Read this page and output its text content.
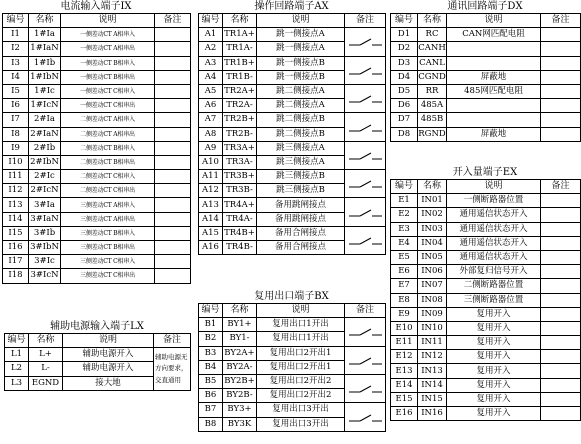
电流输入端子IX
编号	名称	说明	备注
I1	1#Ia	一侧差动CT A相串入	
I2	1#IaN	一侧差动CT A相串出	
I3	1#Ib	一侧差动CT B相串入	
I4	1#IbN	一侧差动CT B相串出	
I5	1#Ic	一侧差动CT C相串入	
I6	1#IcN	一侧差动CT C相串出	
I7	2#Ia	二侧差动CT A相串入	
I8	2#IaN	二侧差动CT A相串出	
I9	2#Ib	二侧差动CT B相串入	
I10	2#IbN	二侧差动CT B相串出	
I11	2#Ic	二侧差动CT C相串入	
I12	2#IcN	二侧差动CT C相串出	
I13	3#Ia	三侧差动CT A相串入	
I14	3#IaN	三侧差动CT A相串出	
I15	3#Ib	三侧差动CT B相串入	
I16	3#IbN	三侧差动CT B相串出	
I17	3#Ic	三侧差动CT C相串入	
I18	3#IcN	三侧差动CT C相串出	
辅助电源输入端子LX
编号	名称	说明	备注
L1	L+	辅助电源开入	辅助电源无方向要求，交直通用
L2	L-	辅助电源开入	
L3	EGND	接大地	
操作回路端子AX
编号	名称	说明	备注
A1	TR1A+	跳一侧接点A	

A2	TR1A-	跳一侧接点A	
A3	TR1B+	跳一侧接点B	

A4	TR1B-	跳一侧接点B	
A5	TR2A+	跳二侧接点A	

A6	TR2A-	跳二侧接点A	
A7	TR2B+	跳二侧接点B	

A8	TR2B-	跳二侧接点B	
A9	TR3A+	跳三侧接点A	

A10	TR3A-	跳三侧接点A	
A11	TR3B+	跳三侧接点B	

A12	TR3B-	跳三侧接点B	
A13	TR4A+	备用跳闸接点	

A14	TR4A-	备用跳闸接点	
A15	TR4B+	备用合闸接点	

A16	TR4B-	备用合闸接点	
复用出口端子BX
编号	名称	说明	备注
B1	BY1+	复用出口1开出	

B2	BY1-	复用出口1开出	
B3	BY2A+	复用出口2开出1	

B4	BY2A-	复用出口2开出1	
B5	BY2B+	复用出口2开出2	

B6	BY2B-	复用出口2开出2	
B7	BY3+	复用出口3开出	

B8	BY3K	复用出口3开出	
通讯回路端子DX
编号	名称	说明	备注
D1	RC	CAN网匹配电阻	
D2	CANH		
D3	CANL		
D4	CGND	屏蔽地	
D5	RR	485网匹配电阻	
D6	485A		
D7	485B		
D8	RGND	屏蔽地	
开入量端子EX
编号	名称	说明	备注
E1	IN01	一侧断路器位置	
E2	IN02	通用遥信状态开入	
E3	IN03	通用遥信状态开入	
E4	IN04	通用遥信状态开入	
E5	IN05	通用遥信状态开入	
E6	IN06	外部复归信号开入	
E7	IN07	二侧断路器位置	
E8	IN08	三侧断路器位置	
E9	IN09	复用开入	
E10	IN10	复用开入	
E11	IN11	复用开入	
E12	IN12	复用开入	
E13	IN13	复用开入	
E14	IN14	复用开入	
E15	IN15	复用开入	
E16	IN16	复用开入	
